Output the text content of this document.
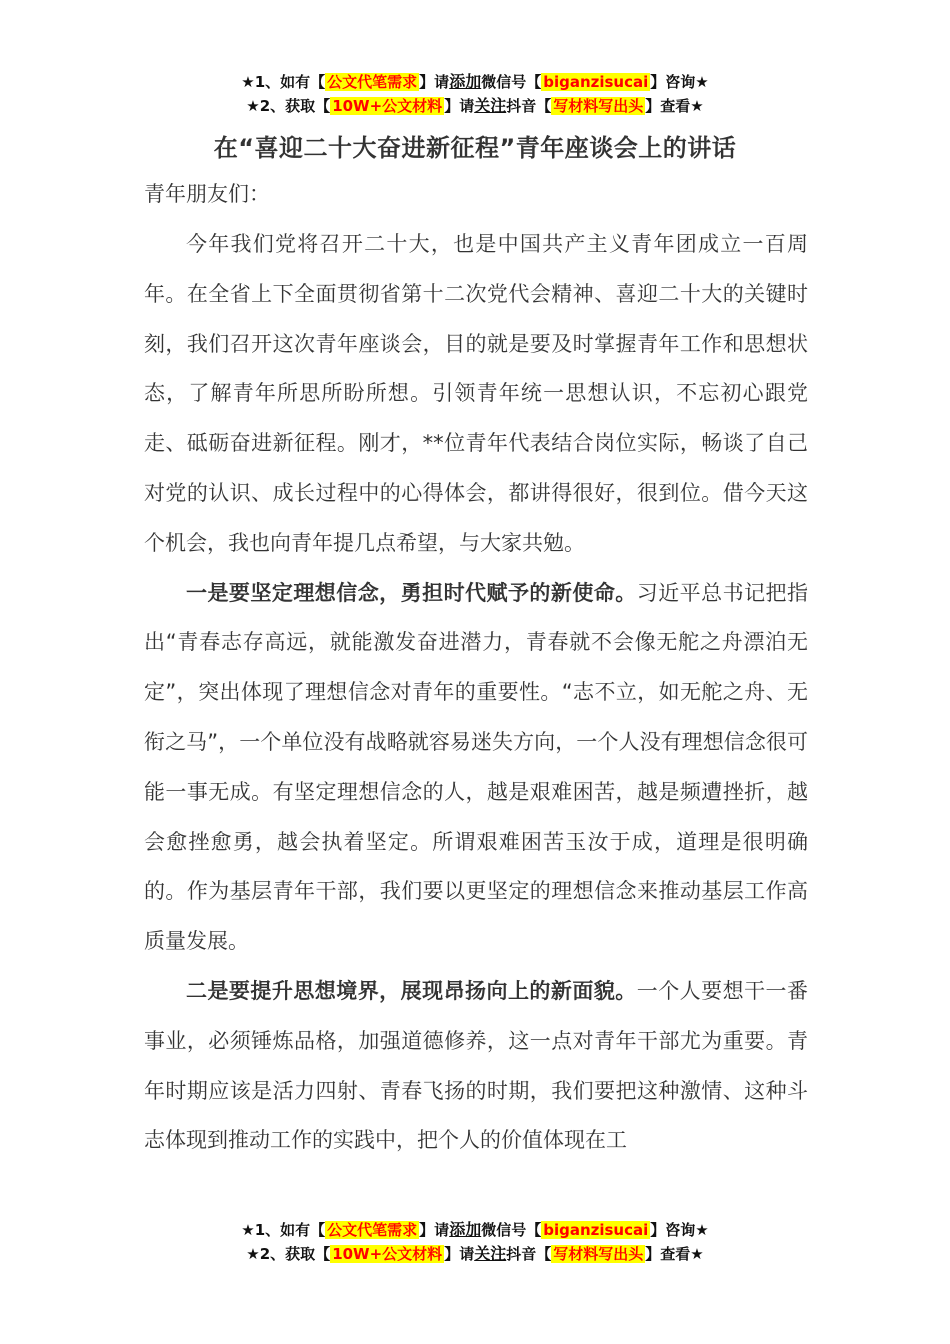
★1、如有【 公文代笔需求 】请添加微信号【 biganzisucai 】咨询★
★2、获取【 10W+公文材料 】请关注抖音【 写材料写出头 】查看★
在“喜迎二十大奋进新征程”青年座谈会上的讲话
青年朋友们：

今年我们党将召开二十大，也是中国共产主义青年团成立一百周年。在全省上下全面贯彻省第十二次党代会精神、喜迎二十大的关键时刻，我们召开这次青年座谈会，目的就是要及时掌握青年工作和思想状态，了解青年所思所盼所想。引领青年统一思想认识，不忘初心跟党走、砥砺奋进新征程。刚才，**位青年代表结合岗位实际，畅谈了自己对党的认识、成长过程中的心得体会，都讲得很好，很到位。借今天这个机会，我也向青年提几点希望，与大家共勉。

一是要坚定理想信念，勇担时代赋予的新使命。习近平总书记把指出“青春志存高远，就能激发奋进潜力，青春就不会像无舵之舟漂泊无定”，突出体现了理想信念对青年的重要性。“志不立，如无舵之舟、无衔之马”，一个单位没有战略就容易迷失方向，一个人没有理想信念很可能一事无成。有坚定理想信念的人，越是艰难困苦，越是频遭挫折，越会愈挫愈勇，越会执着坚定。所谓艰难困苦玉汝于成，道理是很明确的。作为基层青年干部，我们要以更坚定的理想信念来推动基层工作高质量发展。

二是要提升思想境界，展现昂扬向上的新面貌。一个人要想干一番事业，必须锤炼品格，加强道德修养，这一点对青年干部尤为重要。青年时期应该是活力四射、青春飞扬的时期，我们要把这种激情、这种斗志体现到推动工作的实践中，把个人的价值体现在工

★1、如有【 公文代笔需求 】请添加微信号【 biganzisucai 】咨询★
★2、获取【 10W+公文材料 】请关注抖音【 写材料写出头 】查看★
